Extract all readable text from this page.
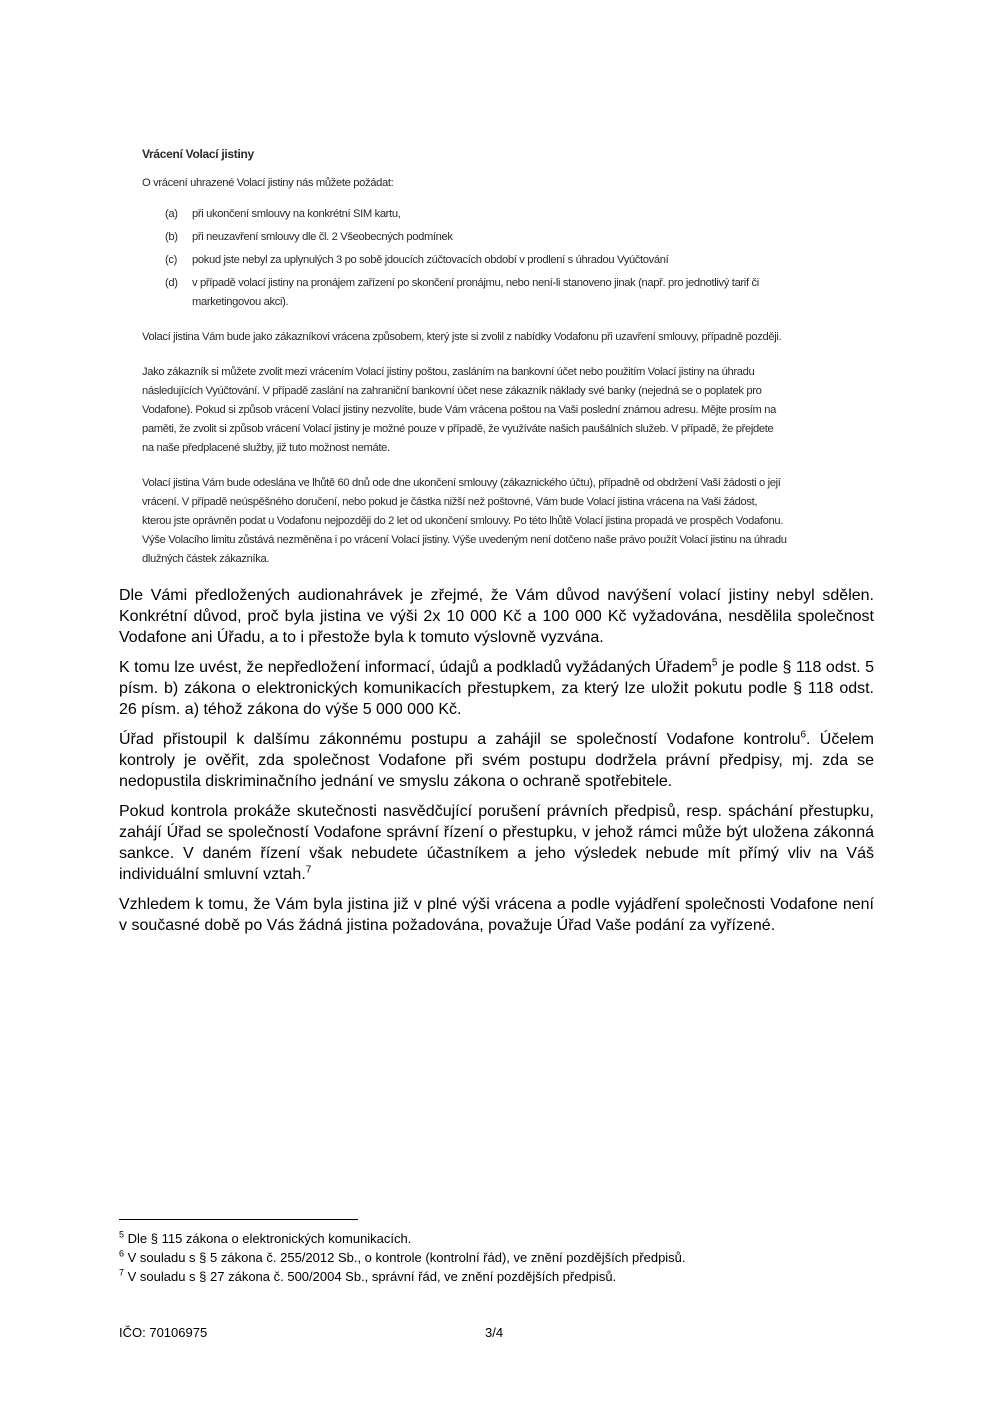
Vrácení Volací jistiny
O vrácení uhrazené Volací jistiny nás můžete požádat:
(a)	při ukončení smlouvy na konkrétní SIM kartu,
(b)	při neuzavření smlouvy dle čl. 2 Všeobecných podmínek
(c)	pokud jste nebyl za uplynulých 3 po sobě jdoucích zúčtovacích období v prodlení s úhradou Vyúčtování
(d)	v případě volací jistiny na pronájem zařízení po skončení pronájmu, nebo není-li stanoveno jinak (např. pro jednotlivý tarif či marketingovou akci).

Volací jistina Vám bude jako zákazníkovi vrácena způsobem, který jste si zvolil z nabídky Vodafonu při uzavření smlouvy, případně později.

Jako zákazník si můžete zvolit mezi vrácením Volací jistiny poštou, zasláním na bankovní účet nebo použitím Volací jistiny na úhradu následujících Vyúčtování. V případě zaslání na zahraniční bankovní účet nese zákazník náklady své banky (nejedná se o poplatek pro Vodafone). Pokud si způsob vrácení Volací jistiny nezvolíte, bude Vám vrácena poštou na Vaši poslední známou adresu. Mějte prosím na paměti, že zvolit si způsob vrácení Volací jistiny je možné pouze v případě, že využíváte našich paušálních služeb. V případě, že přejdete na naše předplacené služby, již tuto možnost nemáte.

Volací jistina Vám bude odeslána ve lhůtě 60 dnů ode dne ukončení smlouvy (zákaznického účtu), případně od obdržení Vaší žádosti o její vrácení. V případě neúspěšného doručení, nebo pokud je částka nižší než poštovné, Vám bude Volací jistina vrácena na Vaši žádost, kterou jste oprávněn podat u Vodafonu nejpozději do 2 let od ukončení smlouvy. Po této lhůtě Volací jistina propadá ve prospěch Vodafonu. Výše Volacího limitu zůstává nezměněna i po vrácení Volací jistiny. Výše uvedeným není dotčeno naše právo použít Volací jistinu na úhradu dlužných částek zákazníka.

Dle Vámi předložených audionahrávek je zřejmé, že Vám důvod navýšení volací jistiny nebyl sdělen. Konkrétní důvod, proč byla jistina ve výši 2x 10 000 Kč a 100 000 Kč vyžadována, nesdělila společnost Vodafone ani Úřadu, a to i přestože byla k tomuto výslovně vyzvána.

K tomu lze uvést, že nepředložení informací, údajů a podkladů vyžádaných Úřadem$^5$ je podle § 118 odst. 5 písm. b) zákona o elektronických komunikacích přestupkem, za který lze uložit pokutu podle § 118 odst. 26 písm. a) téhož zákona do výše 5 000 000 Kč.

Úřad přistoupil k dalšímu zákonnému postupu a zahájil se společností Vodafone kontrolu$^6$. Účelem kontroly je ověřit, zda společnost Vodafone při svém postupu dodržela právní předpisy, mj. zda se nedopustila diskriminačního jednání ve smyslu zákona o ochraně spotřebitele.

Pokud kontrola prokáže skutečnosti nasvědčující porušení právních předpisů, resp. spáchání přestupku, zahájí Úřad se společností Vodafone správní řízení o přestupku, v jehož rámci může být uložena zákonná sankce. V daném řízení však nebudete účastníkem a jeho výsledek nebude mít přímý vliv na Váš individuální smluvní vztah.$^7$

Vzhledem k tomu, že Vám byla jistina již v plné výši vrácena a podle vyjádření společnosti Vodafone není v současné době po Vás žádná jistina požadována, považuje Úřad Vaše podání za vyřízené.

$^5$ Dle § 115 zákona o elektronických komunikacích.

$^6$ V souladu s § 5 zákona č. 255/2012 Sb., o kontrole (kontrolní řád), ve znění pozdějších předpisů.

$^7$ V souladu s § 27 zákona č. 500/2004 Sb., správní řád, ve znění pozdějších předpisů.

IČO: 70106975	3/4
